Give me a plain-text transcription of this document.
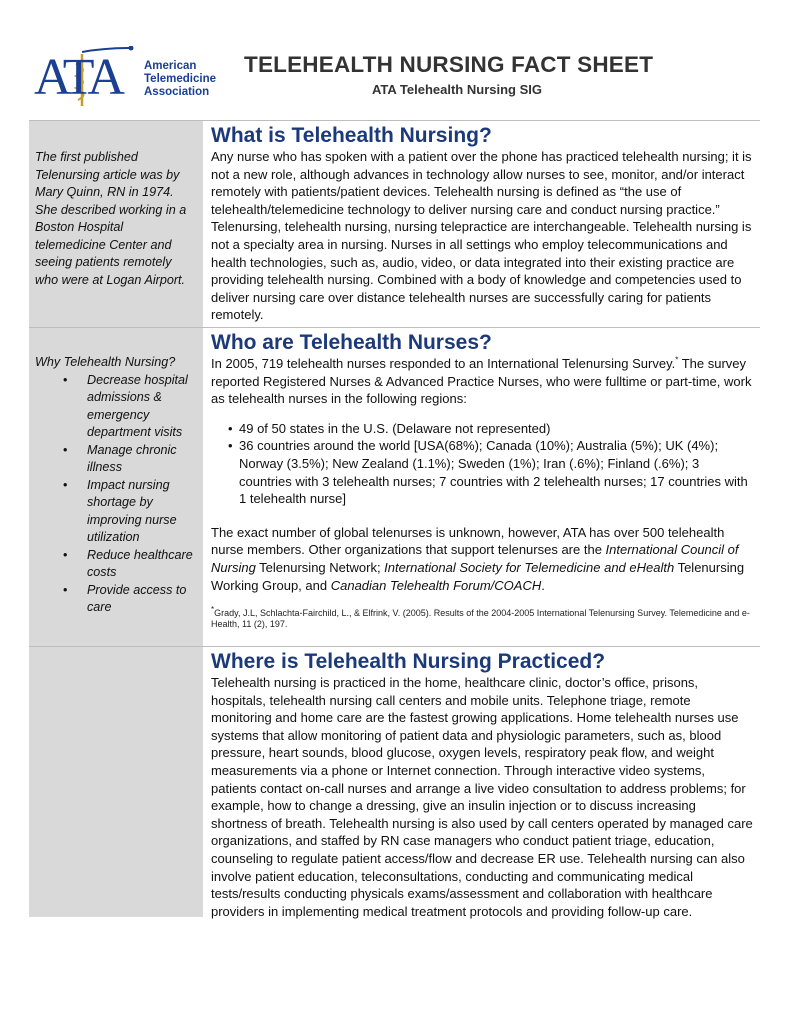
ATA American
Telemedicine
Association
TELEHEALTH NURSING FACT SHEET
ATA Telehealth Nursing SIG
The first published Telenursing article was by Mary Quinn, RN in 1974. She described working in a Boston Hospital telemedicine Center and seeing patients remotely who were at Logan Airport.
What is Telehealth Nursing?

Any nurse who has spoken with a patient over the phone has practiced telehealth nursing; it is not a new role, although advances in technology allow nurses to see, monitor, and/or interact remotely with patients/patient devices. Telehealth nursing is defined as “the use of telehealth/telemedicine technology to deliver nursing care and conduct nursing practice.” Telenursing, telehealth nursing, nursing telepractice are interchangeable. Telehealth nursing is not a specialty area in nursing. Nurses in all settings who employ telecommunications and health technologies, such as, audio, video, or data integrated into their existing practice are providing telehealth nursing. Combined with a body of knowledge and competencies used to deliver nursing care over distance telehealth nurses are successfully caring for patients remotely.

Why Telehealth Nursing?
• Decrease hospital admissions & emergency department visits
• Manage chronic illness
• Impact nursing shortage by improving nurse utilization
• Reduce healthcare costs
• Provide access to care
Who are Telehealth Nurses?

In 2005, 719 telehealth nurses responded to an International Telenursing Survey.* The survey reported Registered Nurses & Advanced Practice Nurses, who were fulltime or part-time, work as telehealth nurses in the following regions:

• 49 of 50 states in the U.S. (Delaware not represented)
• 36 countries around the world [USA(68%); Canada (10%); Australia (5%); UK (4%); Norway (3.5%); New Zealand (1.1%); Sweden (1%); Iran (.6%); Finland (.6%); 3 countries with 3 telehealth nurses; 7 countries with 2 telehealth nurses; 17 countries with 1 telehealth nurse]

The exact number of global telenurses is unknown, however, ATA has over 500 telehealth nurse members. Other organizations that support telenurses are the International Council of Nursing Telenursing Network; International Society for Telemedicine and eHealth Telenursing Working Group, and Canadian Telehealth Forum/COACH.

*Grady, J.L, Schlachta-Fairchild, L., & Elfrink, V. (2005). Results of the 2004-2005 International Telenursing Survey. Telemedicine and e-Health, 11 (2), 197.
Where is Telehealth Nursing Practiced?

Telehealth nursing is practiced in the home, healthcare clinic, doctor’s office, prisons, hospitals, telehealth nursing call centers and mobile units. Telephone triage, remote monitoring and home care are the fastest growing applications. Home telehealth nurses use systems that allow monitoring of patient data and physiologic parameters, such as, blood pressure, heart sounds, blood glucose, oxygen levels, respiratory peak flow, and weight measurements via a phone or Internet connection. Through interactive video systems, patients contact on-call nurses and arrange a live video consultation to address problems; for example, how to change a dressing, give an insulin injection or to discuss increasing shortness of breath. Telehealth nursing is also used by call centers operated by managed care organizations, and staffed by RN case managers who conduct patient triage, education, counseling to regulate patient access/flow and decrease ER use. Telehealth nursing can also involve patient education, teleconsultations, conducting and communicating medical tests/results conducting physicals exams/assessment and collaboration with healthcare providers in implementing medical treatment protocols and providing follow-up care.
